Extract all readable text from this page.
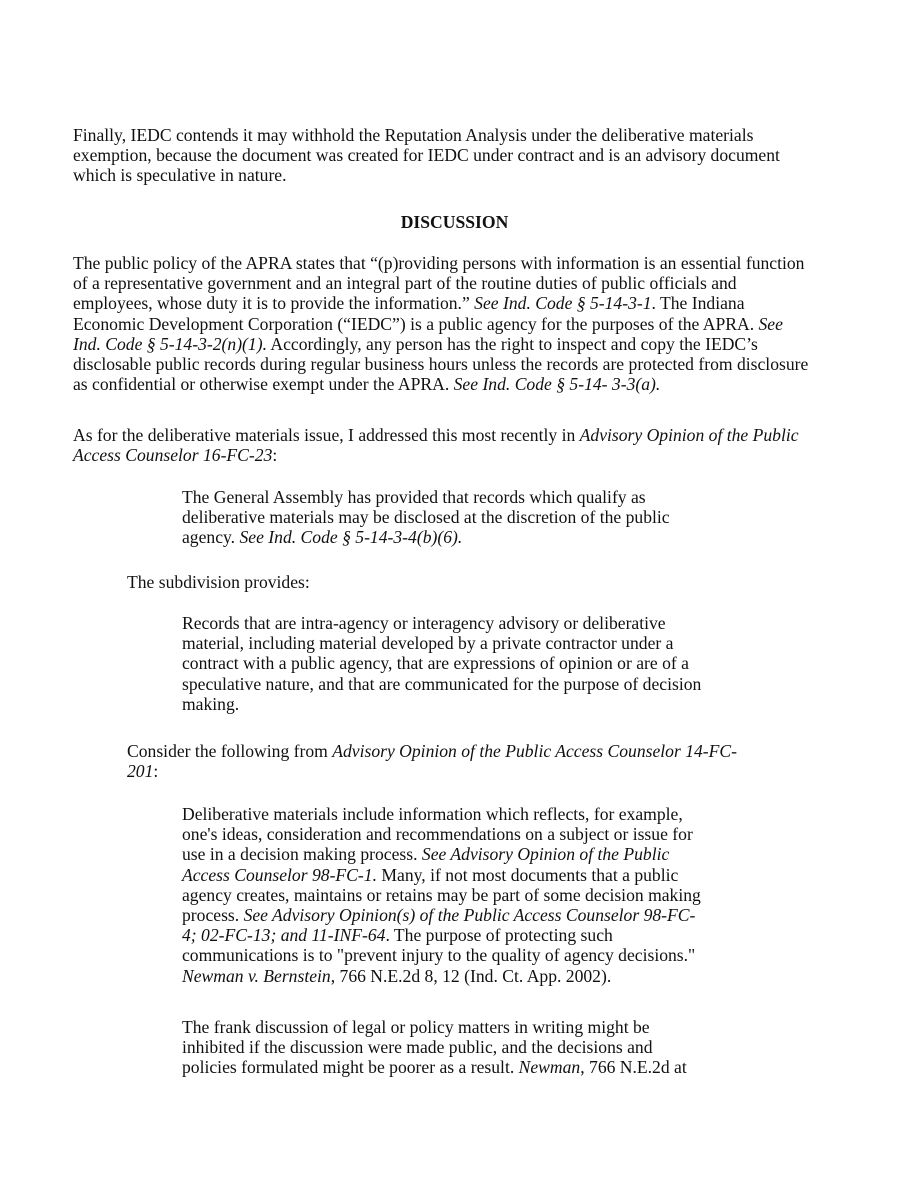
Finally, IEDC contends it may withhold the Reputation Analysis under the deliberative materials
exemption, because the document was created for IEDC under contract and is an advisory document
which is speculative in nature.

DISCUSSION

The public policy of the APRA states that “(p)roviding persons with information is an essential function
of a representative government and an integral part of the routine duties of public officials and
employees, whose duty it is to provide the information.” See Ind. Code § 5-14-3-1. The Indiana
Economic Development Corporation (“IEDC”) is a public agency for the purposes of the APRA. See
Ind. Code § 5-14-3-2(n)(1). Accordingly, any person has the right to inspect and copy the IEDC’s
disclosable public records during regular business hours unless the records are protected from disclosure
as confidential or otherwise exempt under the APRA. See Ind. Code § 5-14- 3-3(a).

As for the deliberative materials issue, I addressed this most recently in Advisory Opinion of the Public
Access Counselor 16-FC-23:

The General Assembly has provided that records which qualify as
deliberative materials may be disclosed at the discretion of the public
agency. See Ind. Code § 5-14-3-4(b)(6).

The subdivision provides:

Records that are intra-agency or interagency advisory or deliberative
material, including material developed by a private contractor under a
contract with a public agency, that are expressions of opinion or are of a
speculative nature, and that are communicated for the purpose of decision
making.

Consider the following from Advisory Opinion of the Public Access Counselor 14-FC-
201:

Deliberative materials include information which reflects, for example,
one's ideas, consideration and recommendations on a subject or issue for
use in a decision making process. See Advisory Opinion of the Public
Access Counselor 98-FC-1. Many, if not most documents that a public
agency creates, maintains or retains may be part of some decision making
process. See Advisory Opinion(s) of the Public Access Counselor 98-FC-
4; 02-FC-13; and 11-INF-64. The purpose of protecting such
communications is to "prevent injury to the quality of agency decisions."
Newman v. Bernstein, 766 N.E.2d 8, 12 (Ind. Ct. App. 2002).

The frank discussion of legal or policy matters in writing might be
inhibited if the discussion were made public, and the decisions and
policies formulated might be poorer as a result. Newman, 766 N.E.2d at
